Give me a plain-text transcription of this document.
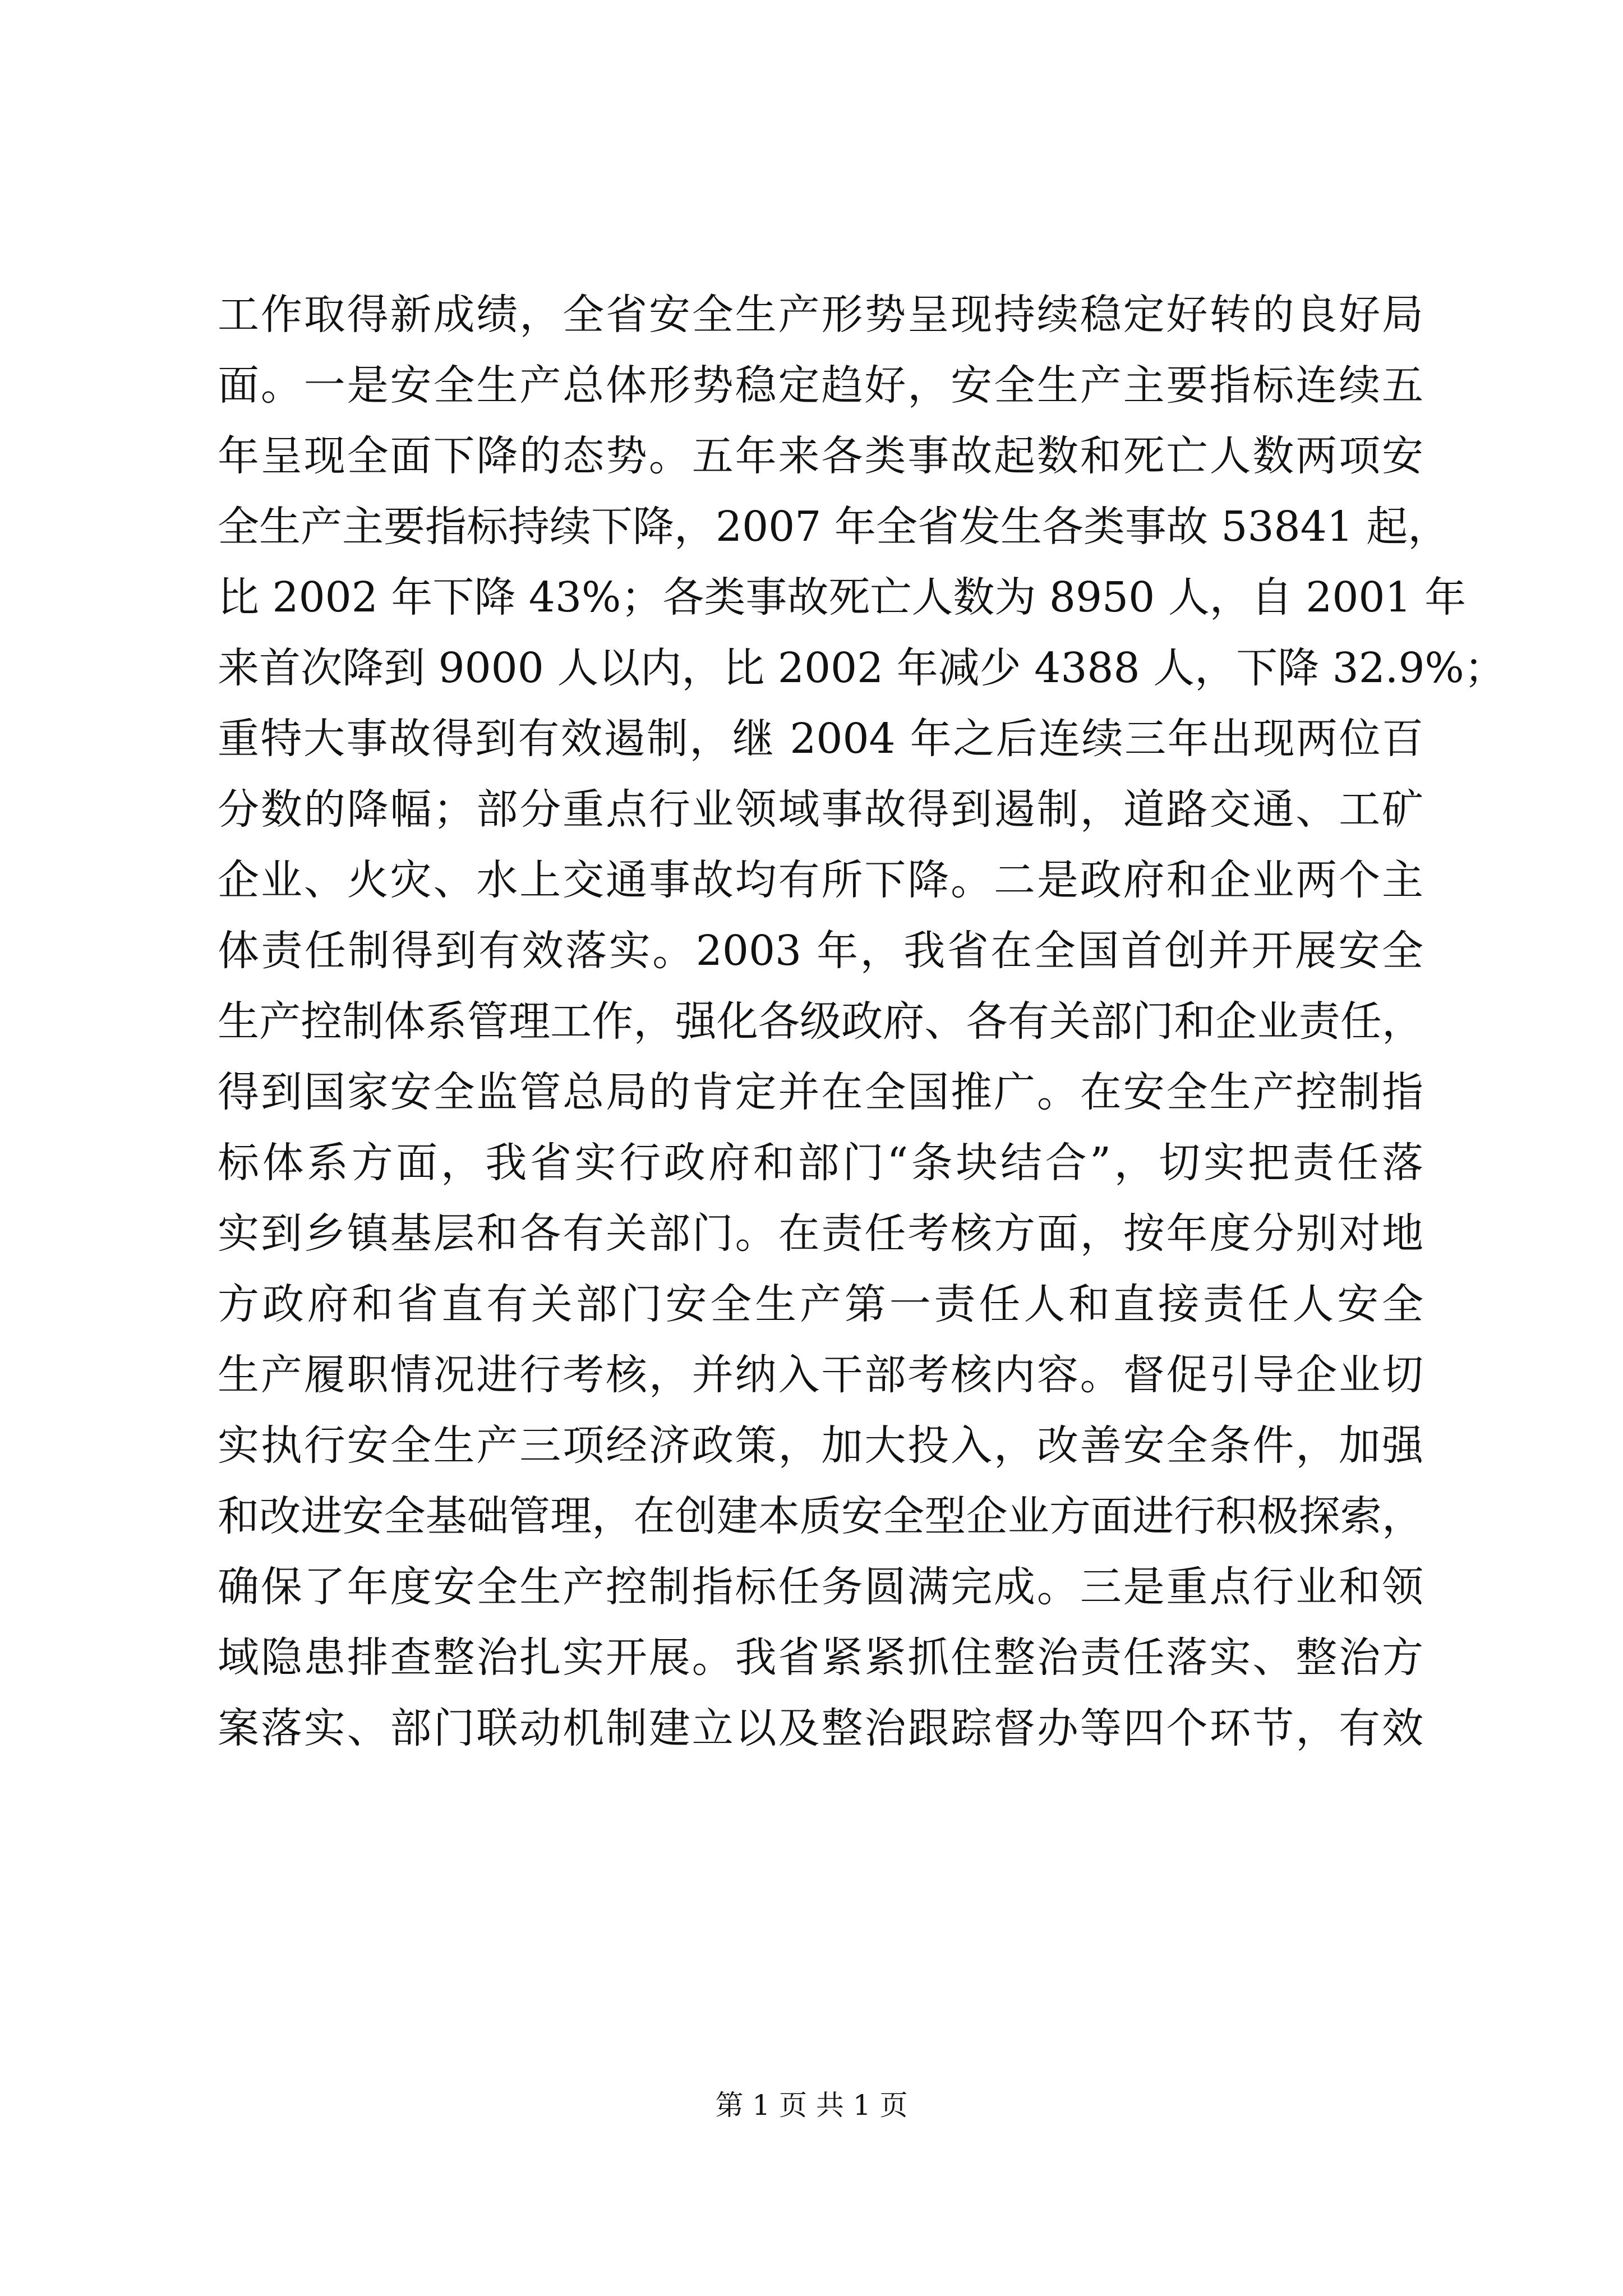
工作取得新成绩，全省安全生产形势呈现持续稳定好转的良好局
面。一是安全生产总体形势稳定趋好，安全生产主要指标连续五
年呈现全面下降的态势。五年来各类事故起数和死亡人数两项安
全生产主要指标持续下降，2007 年全省发生各类事故 53841 起，
比 2002 年下降 43%；各类事故死亡人数为 8950 人，自 2001 年
来首次降到 9000 人以内，比 2002 年减少 4388 人，下降 32.9%；
重特大事故得到有效遏制，继 2004 年之后连续三年出现两位百
分数的降幅；部分重点行业领域事故得到遏制，道路交通、工矿
企业、火灾、水上交通事故均有所下降。二是政府和企业两个主
体责任制得到有效落实。2003 年，我省在全国首创并开展安全
生产控制体系管理工作，强化各级政府、各有关部门和企业责任，
得到国家安全监管总局的肯定并在全国推广。在安全生产控制指
标体系方面，我省实行政府和部门“条块结合”，切实把责任落
实到乡镇基层和各有关部门。在责任考核方面，按年度分别对地
方政府和省直有关部门安全生产第一责任人和直接责任人安全
生产履职情况进行考核，并纳入干部考核内容。督促引导企业切
实执行安全生产三项经济政策，加大投入，改善安全条件，加强
和改进安全基础管理，在创建本质安全型企业方面进行积极探索，
确保了年度安全生产控制指标任务圆满完成。三是重点行业和领
域隐患排查整治扎实开展。我省紧紧抓住整治责任落实、整治方
案落实、部门联动机制建立以及整治跟踪督办等四个环节，有效
第 1 页 共 1 页
